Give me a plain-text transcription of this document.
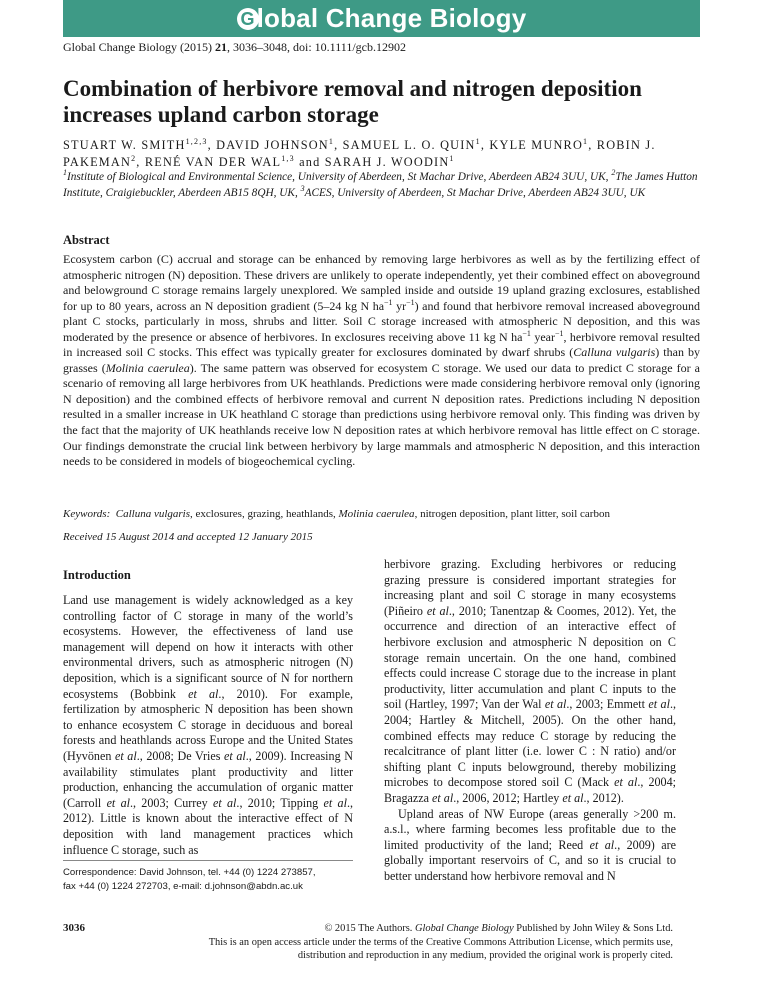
Global Change Biology
Global Change Biology (2015) 21, 3036–3048, doi: 10.1111/gcb.12902
Combination of herbivore removal and nitrogen deposition increases upland carbon storage
STUART W. SMITH$^{1,2,3}$, DAVID JOHNSON$^1$, SAMUEL L. O. QUIN$^1$, KYLE MUNRO$^1$, ROBIN J. PAKEMAN$^2$, RENÉ VAN DER WAL$^{1,3}$ and SARAH J. WOODIN$^1$
$^1$Institute of Biological and Environmental Science, University of Aberdeen, St Machar Drive, Aberdeen AB24 3UU, UK, $^2$The James Hutton Institute, Craigiebuckler, Aberdeen AB15 8QH, UK, $^3$ACES, University of Aberdeen, St Machar Drive, Aberdeen AB24 3UU, UK
Abstract

Ecosystem carbon (C) accrual and storage can be enhanced by removing large herbivores as well as by the fertilizing effect of atmospheric nitrogen (N) deposition. These drivers are unlikely to operate independently, yet their combined effect on aboveground and belowground C storage remains largely unexplored. We sampled inside and outside 19 upland grazing exclosures, established for up to 80 years, across an N deposition gradient (5–24 kg N $ha^{-1}$ $yr^{-1}$) and found that herbivore removal increased aboveground plant C stocks, particularly in moss, shrubs and litter. Soil C storage increased with atmospheric N deposition, and this was moderated by the presence or absence of herbivores. In exclosures receiving above 11 kg N $ha^{-1}$ year$^{-1}$, herbivore removal resulted in increased soil C stocks. This effect was typically greater for exclosures dominated by dwarf shrubs (Calluna vulgaris) than by grasses (Molinia caerulea). The same pattern was observed for ecosystem C storage. We used our data to predict C storage for a scenario of removing all large herbivores from UK heathlands. Predictions were made considering herbivore removal only (ignoring N deposition) and the combined effects of herbivore removal and current N deposition rates. Predictions including N deposition resulted in a smaller increase in UK heathland C storage than predictions using herbivore removal only. This finding was driven by the fact that the majority of UK heathlands receive low N deposition rates at which herbivore removal has little effect on C storage. Our findings demonstrate the crucial link between herbivory by large mammals and atmospheric N deposition, and this interaction needs to be considered in models of biogeochemical cycling.

Keywords: Calluna vulgaris, exclosures, grazing, heathlands, Molinia caerulea, nitrogen deposition, plant litter, soil carbon
Received 15 August 2014 and accepted 12 January 2015
Introduction

Land use management is widely acknowledged as a key controlling factor of C storage in many of the world’s ecosystems. However, the effectiveness of land use management will depend on how it interacts with other environmental drivers, such as atmospheric nitrogen (N) deposition, which is a significant source of N for northern ecosystems (Bobbink et al., 2010). For example, fertilization by atmospheric N deposition has been shown to enhance ecosystem C storage in deciduous and boreal forests and heathlands across Europe and the United States (Hyvönen et al., 2008; De Vries et al., 2009). Increasing N availability stimulates plant productivity and litter production, enhancing the accumulation of organic matter (Carroll et al., 2003; Currey et al., 2010; Tipping et al., 2012). Little is known about the interactive effect of N deposition with land management practices which influence C storage, such as

herbivore grazing. Excluding herbivores or reducing grazing pressure is considered important strategies for increasing plant and soil C storage in many ecosystems (Piñeiro et al., 2010; Tanentzap & Coomes, 2012). Yet, the occurrence and direction of an interactive effect of herbivore exclusion and atmospheric N deposition on C storage remain uncertain. On the one hand, combined effects could increase C storage due to the increase in plant productivity, litter accumulation and plant C inputs to the soil (Hartley, 1997; Van der Wal et al., 2003; Emmett et al., 2004; Hartley & Mitchell, 2005). On the other hand, combined effects may reduce C storage by reducing the recalcitrance of plant litter (i.e. lower C : N ratio) and/or shifting plant C inputs belowground, thereby mobilizing microbes to decompose stored soil C (Mack et al., 2004; Bragazza et al., 2006, 2012; Hartley et al., 2012).

Upland areas of NW Europe (areas generally >200 m. a.s.l., where farming becomes less profitable due to the limited productivity of the land; Reed et al., 2009) are globally important reservoirs of C, and so it is crucial to better understand how herbivore removal and N

Correspondence: David Johnson, tel. +44 (0) 1224 273857,
fax +44 (0) 1224 272703, e-mail: d.johnson@abdn.ac.uk
3036	© 2015 The Authors. Global Change Biology Published by John Wiley & Sons Ltd.
This is an open access article under the terms of the Creative Commons Attribution License, which permits use,
distribution and reproduction in any medium, provided the original work is properly cited.
